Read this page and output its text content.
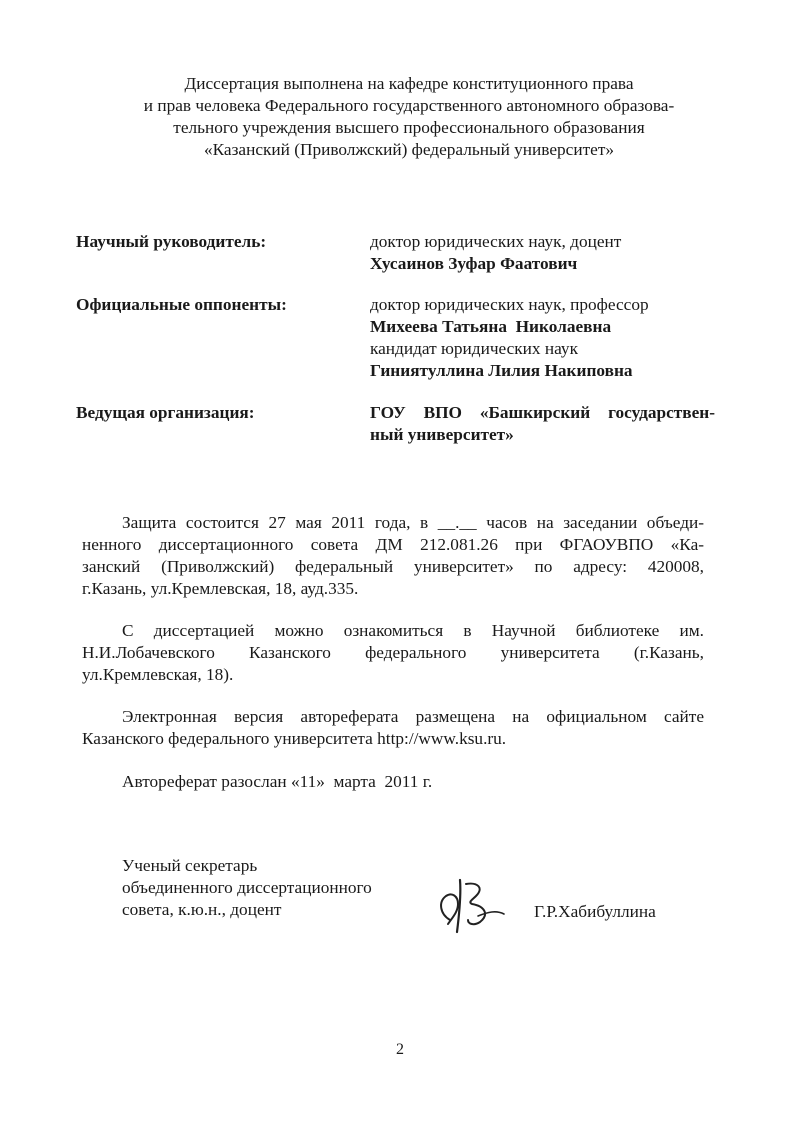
Диссертация выполнена на кафедре конституционного права
и прав человека Федерального государственного автономного образова-
тельного учреждения высшего профессионального образования
«Казанский (Приволжский) федеральный университет»
Научный руководитель:	доктор юридических наук, доцент
Хусаинов Зуфар Фаатович
Официальные оппоненты:	доктор юридических наук, профессор
Михеева Татьяна  Николаевна
кандидат юридических наук
Гиниятуллина Лилия Накиповна
Ведущая организация:	ГОУ ВПО «Башкирский государствен-
ный университет»
Защита состоится 27 мая 2011 года, в __.__ часов на заседании объеди-
ненного диссертационного совета ДМ 212.081.26 при ФГАОУВПО «Ка-
занский (Приволжский) федеральный университет» по адресу: 420008,
г.Казань, ул.Кремлевская, 18, ауд.335.
С диссертацией можно ознакомиться в Научной библиотеке им.
Н.И.Лобачевского Казанского федерального университета (г.Казань,
ул.Кремлевская, 18).
Электронная версия автореферата размещена на официальном сайте
Казанского федерального университета http://www.ksu.ru.
Автореферат разослан «11»  марта  2011 г.
Ученый секретарь
объединенного диссертационного
совета, к.ю.н., доцент	Г.Р.Хабибуллина
2
